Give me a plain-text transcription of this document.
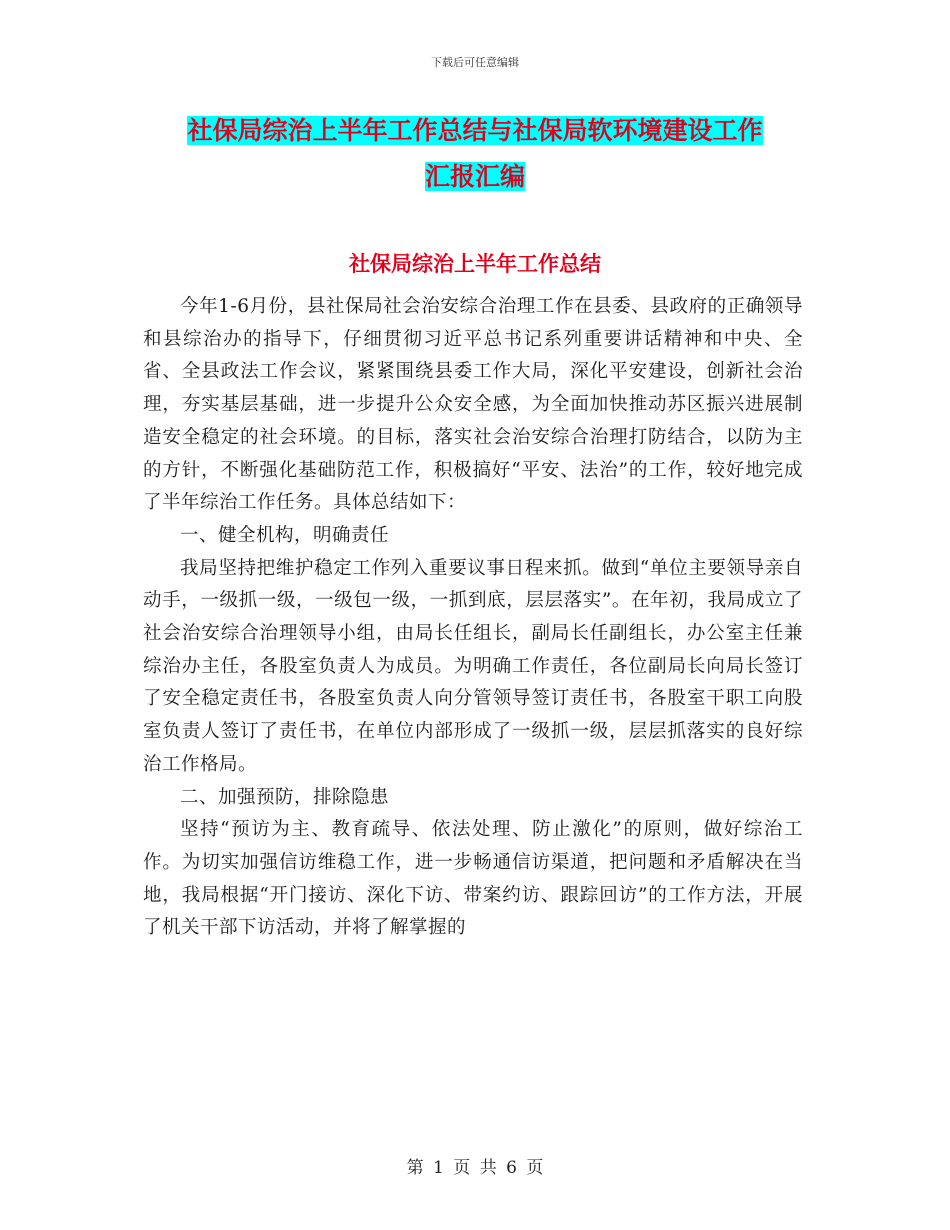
下载后可任意编辑
社保局综治上半年工作总结与社保局软环境建设工作
汇报汇编
社保局综治上半年工作总结

今年1-6月份，县社保局社会治安综合治理工作在县委、县政府的正确领导和县综治办的指导下，仔细贯彻习近平总书记系列重要讲话精神和中央、全省、全县政法工作会议，紧紧围绕县委工作大局，深化平安建设，创新社会治理，夯实基层基础，进一步提升公众安全感，为全面加快推动苏区振兴进展制造安全稳定的社会环境。的目标，落实社会治安综合治理打防结合，以防为主的方针，不断强化基础防范工作，积极搞好“平安、法治”的工作，较好地完成了半年综治工作任务。具体总结如下：

一、健全机构，明确责任

我局坚持把维护稳定工作列入重要议事日程来抓。做到“单位主要领导亲自动手，一级抓一级，一级包一级，一抓到底，层层落实”。在年初，我局成立了社会治安综合治理领导小组，由局长任组长，副局长任副组长，办公室主任兼综治办主任，各股室负责人为成员。为明确工作责任，各位副局长向局长签订了安全稳定责任书，各股室负责人向分管领导签订责任书，各股室干职工向股室负责人签订了责任书，在单位内部形成了一级抓一级，层层抓落实的良好综治工作格局。

二、加强预防，排除隐患

坚持“预访为主、教育疏导、依法处理、防止激化”的原则，做好综治工作。为切实加强信访维稳工作，进一步畅通信访渠道，把问题和矛盾解决在当地，我局根据“开门接访、深化下访、带案约访、跟踪回访”的工作方法，开展了机关干部下访活动，并将了解掌握的

第 1 页 共 6 页
